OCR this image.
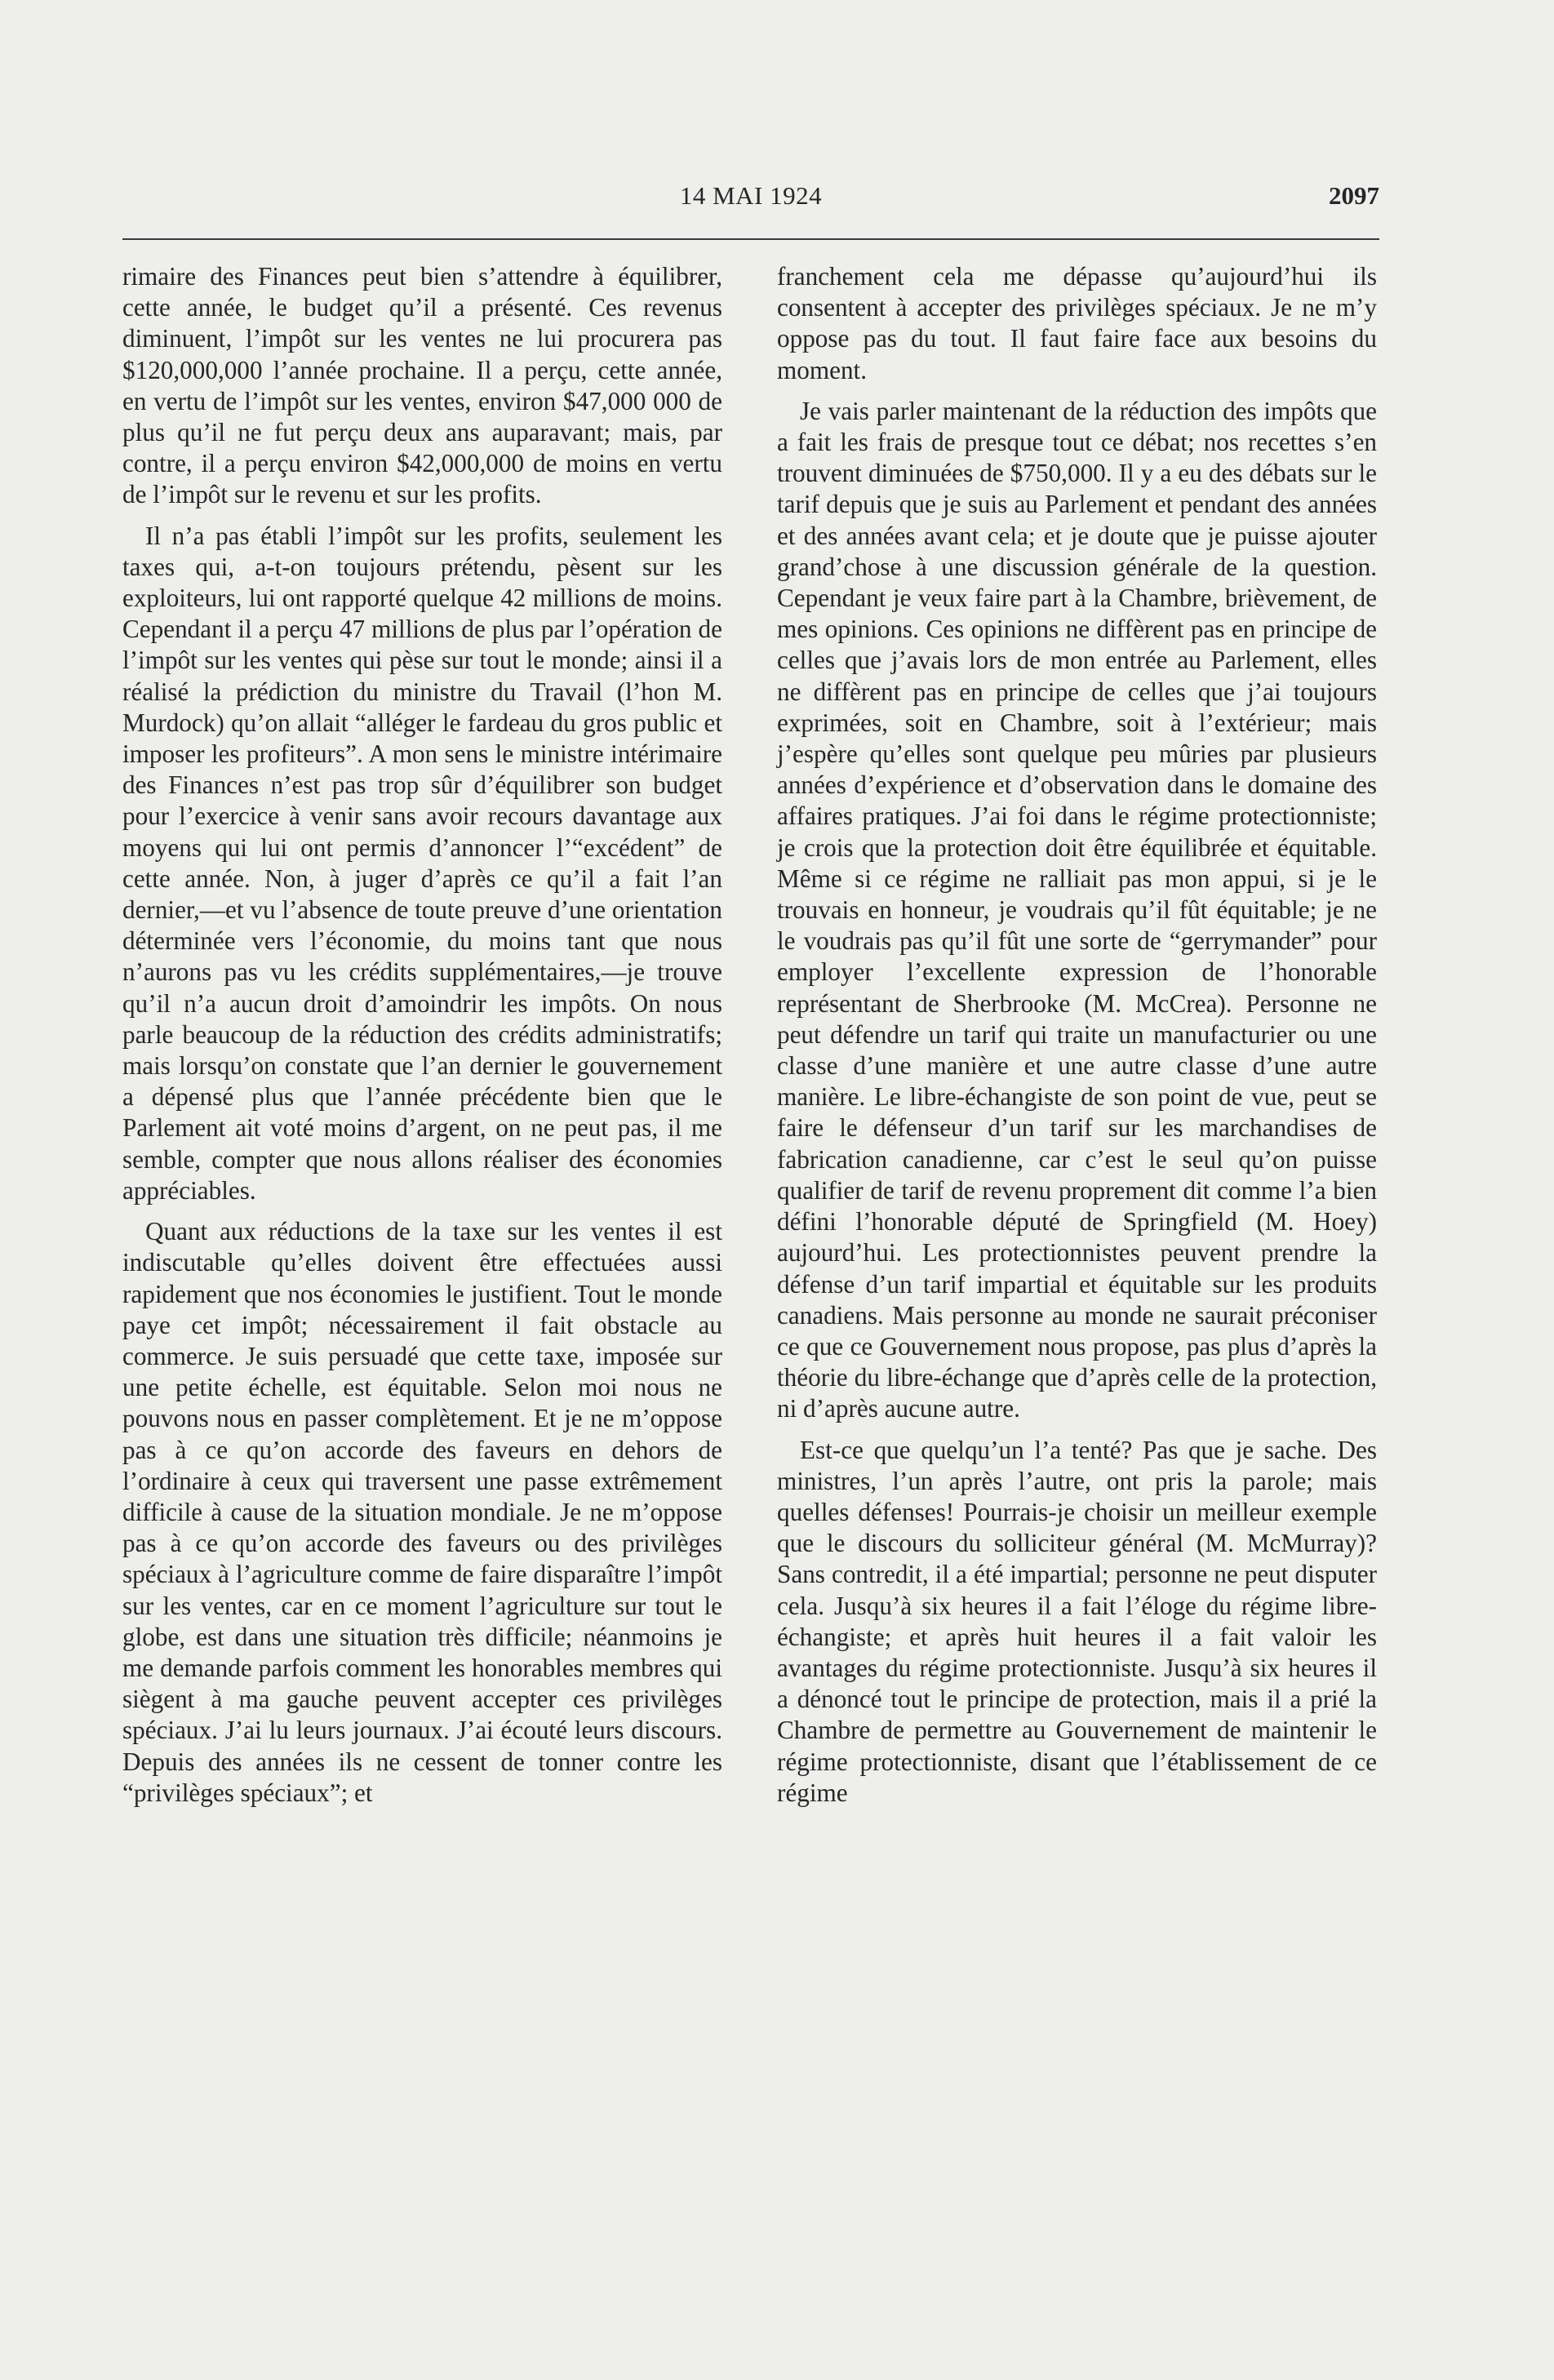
14 MAI 1924	2097

rimaire des Finances peut bien s’attendre à équilibrer, cette année, le budget qu’il a présenté. Ces revenus diminuent, l’impôt sur les ventes ne lui procurera pas $120,000,000 l’année prochaine. Il a perçu, cette année, en vertu de l’impôt sur les ventes, environ $47,000 000 de plus qu’il ne fut perçu deux ans auparavant; mais, par contre, il a perçu environ $42,000,000 de moins en vertu de l’impôt sur le revenu et sur les profits.

Il n’a pas établi l’impôt sur les profits, seulement les taxes qui, a-t-on toujours prétendu, pèsent sur les exploiteurs, lui ont rapporté quelque 42 millions de moins. Cependant il a perçu 47 millions de plus par l’opération de l’impôt sur les ventes qui pèse sur tout le monde; ainsi il a réalisé la prédiction du ministre du Travail (l’hon M. Murdock) qu’on allait “alléger le fardeau du gros public et imposer les profiteurs”. A mon sens le ministre intérimaire des Finances n’est pas trop sûr d’équilibrer son budget pour l’exercice à venir sans avoir recours davantage aux moyens qui lui ont permis d’annoncer l’“excédent” de cette année. Non, à juger d’après ce qu’il a fait l’an dernier,—et vu l’absence de toute preuve d’une orientation déterminée vers l’économie, du moins tant que nous n’aurons pas vu les crédits supplémentaires,—je trouve qu’il n’a aucun droit d’amoindrir les impôts. On nous parle beaucoup de la réduction des crédits administratifs; mais lorsqu’on constate que l’an dernier le gouvernement a dépensé plus que l’année précédente bien que le Parlement ait voté moins d’argent, on ne peut pas, il me semble, compter que nous allons réaliser des économies appréciables.

Quant aux réductions de la taxe sur les ventes il est indiscutable qu’elles doivent être effectuées aussi rapidement que nos économies le justifient. Tout le monde paye cet impôt; nécessairement il fait obstacle au commerce. Je suis persuadé que cette taxe, imposée sur une petite échelle, est équitable. Selon moi nous ne pouvons nous en passer complètement. Et je ne m’oppose pas à ce qu’on accorde des faveurs en dehors de l’ordinaire à ceux qui traversent une passe extrêmement difficile à cause de la situation mondiale. Je ne m’oppose pas à ce qu’on accorde des faveurs ou des privilèges spéciaux à l’agriculture comme de faire disparaître l’impôt sur les ventes, car en ce moment l’agriculture sur tout le globe, est dans une situation très difficile; néanmoins je me demande parfois comment les honorables membres qui siègent à ma gauche peuvent accepter ces privilèges spéciaux. J’ai lu leurs journaux. J’ai écouté leurs discours. Depuis des années ils ne cessent de tonner contre les “privilèges spéciaux”; et

franchement cela me dépasse qu’aujourd’hui ils consentent à accepter des privilèges spéciaux. Je ne m’y oppose pas du tout. Il faut faire face aux besoins du moment.

Je vais parler maintenant de la réduction des impôts que a fait les frais de presque tout ce débat; nos recettes s’en trouvent diminuées de $750,000. Il y a eu des débats sur le tarif depuis que je suis au Parlement et pendant des années et des années avant cela; et je doute que je puisse ajouter grand’chose à une discussion générale de la question. Cependant je veux faire part à la Chambre, brièvement, de mes opinions. Ces opinions ne diffèrent pas en principe de celles que j’avais lors de mon entrée au Parlement, elles ne diffèrent pas en principe de celles que j’ai toujours exprimées, soit en Chambre, soit à l’extérieur; mais j’espère qu’elles sont quelque peu mûries par plusieurs années d’expérience et d’observation dans le domaine des affaires pratiques. J’ai foi dans le régime protectionniste; je crois que la protection doit être équilibrée et équitable. Même si ce régime ne ralliait pas mon appui, si je le trouvais en honneur, je voudrais qu’il fût équitable; je ne le voudrais pas qu’il fût une sorte de “gerrymander” pour employer l’excellente expression de l’honorable représentant de Sherbrooke (M. McCrea). Personne ne peut défendre un tarif qui traite un manufacturier ou une classe d’une manière et une autre classe d’une autre manière. Le libre-échangiste de son point de vue, peut se faire le défenseur d’un tarif sur les marchandises de fabrication canadienne, car c’est le seul qu’on puisse qualifier de tarif de revenu proprement dit comme l’a bien défini l’honorable député de Springfield (M. Hoey) aujourd’hui. Les protectionnistes peuvent prendre la défense d’un tarif impartial et équitable sur les produits canadiens. Mais personne au monde ne saurait préconiser ce que ce Gouvernement nous propose, pas plus d’après la théorie du libre-échange que d’après celle de la protection, ni d’après aucune autre.

Est-ce que quelqu’un l’a tenté? Pas que je sache. Des ministres, l’un après l’autre, ont pris la parole; mais quelles défenses! Pourrais-je choisir un meilleur exemple que le discours du solliciteur général (M. McMurray)? Sans contredit, il a été impartial; personne ne peut disputer cela. Jusqu’à six heures il a fait l’éloge du régime libre-échangiste; et après huit heures il a fait valoir les avantages du régime protectionniste. Jusqu’à six heures il a dénoncé tout le principe de protection, mais il a prié la Chambre de permettre au Gouvernement de maintenir le régime protectionniste, disant que l’établissement de ce régime
